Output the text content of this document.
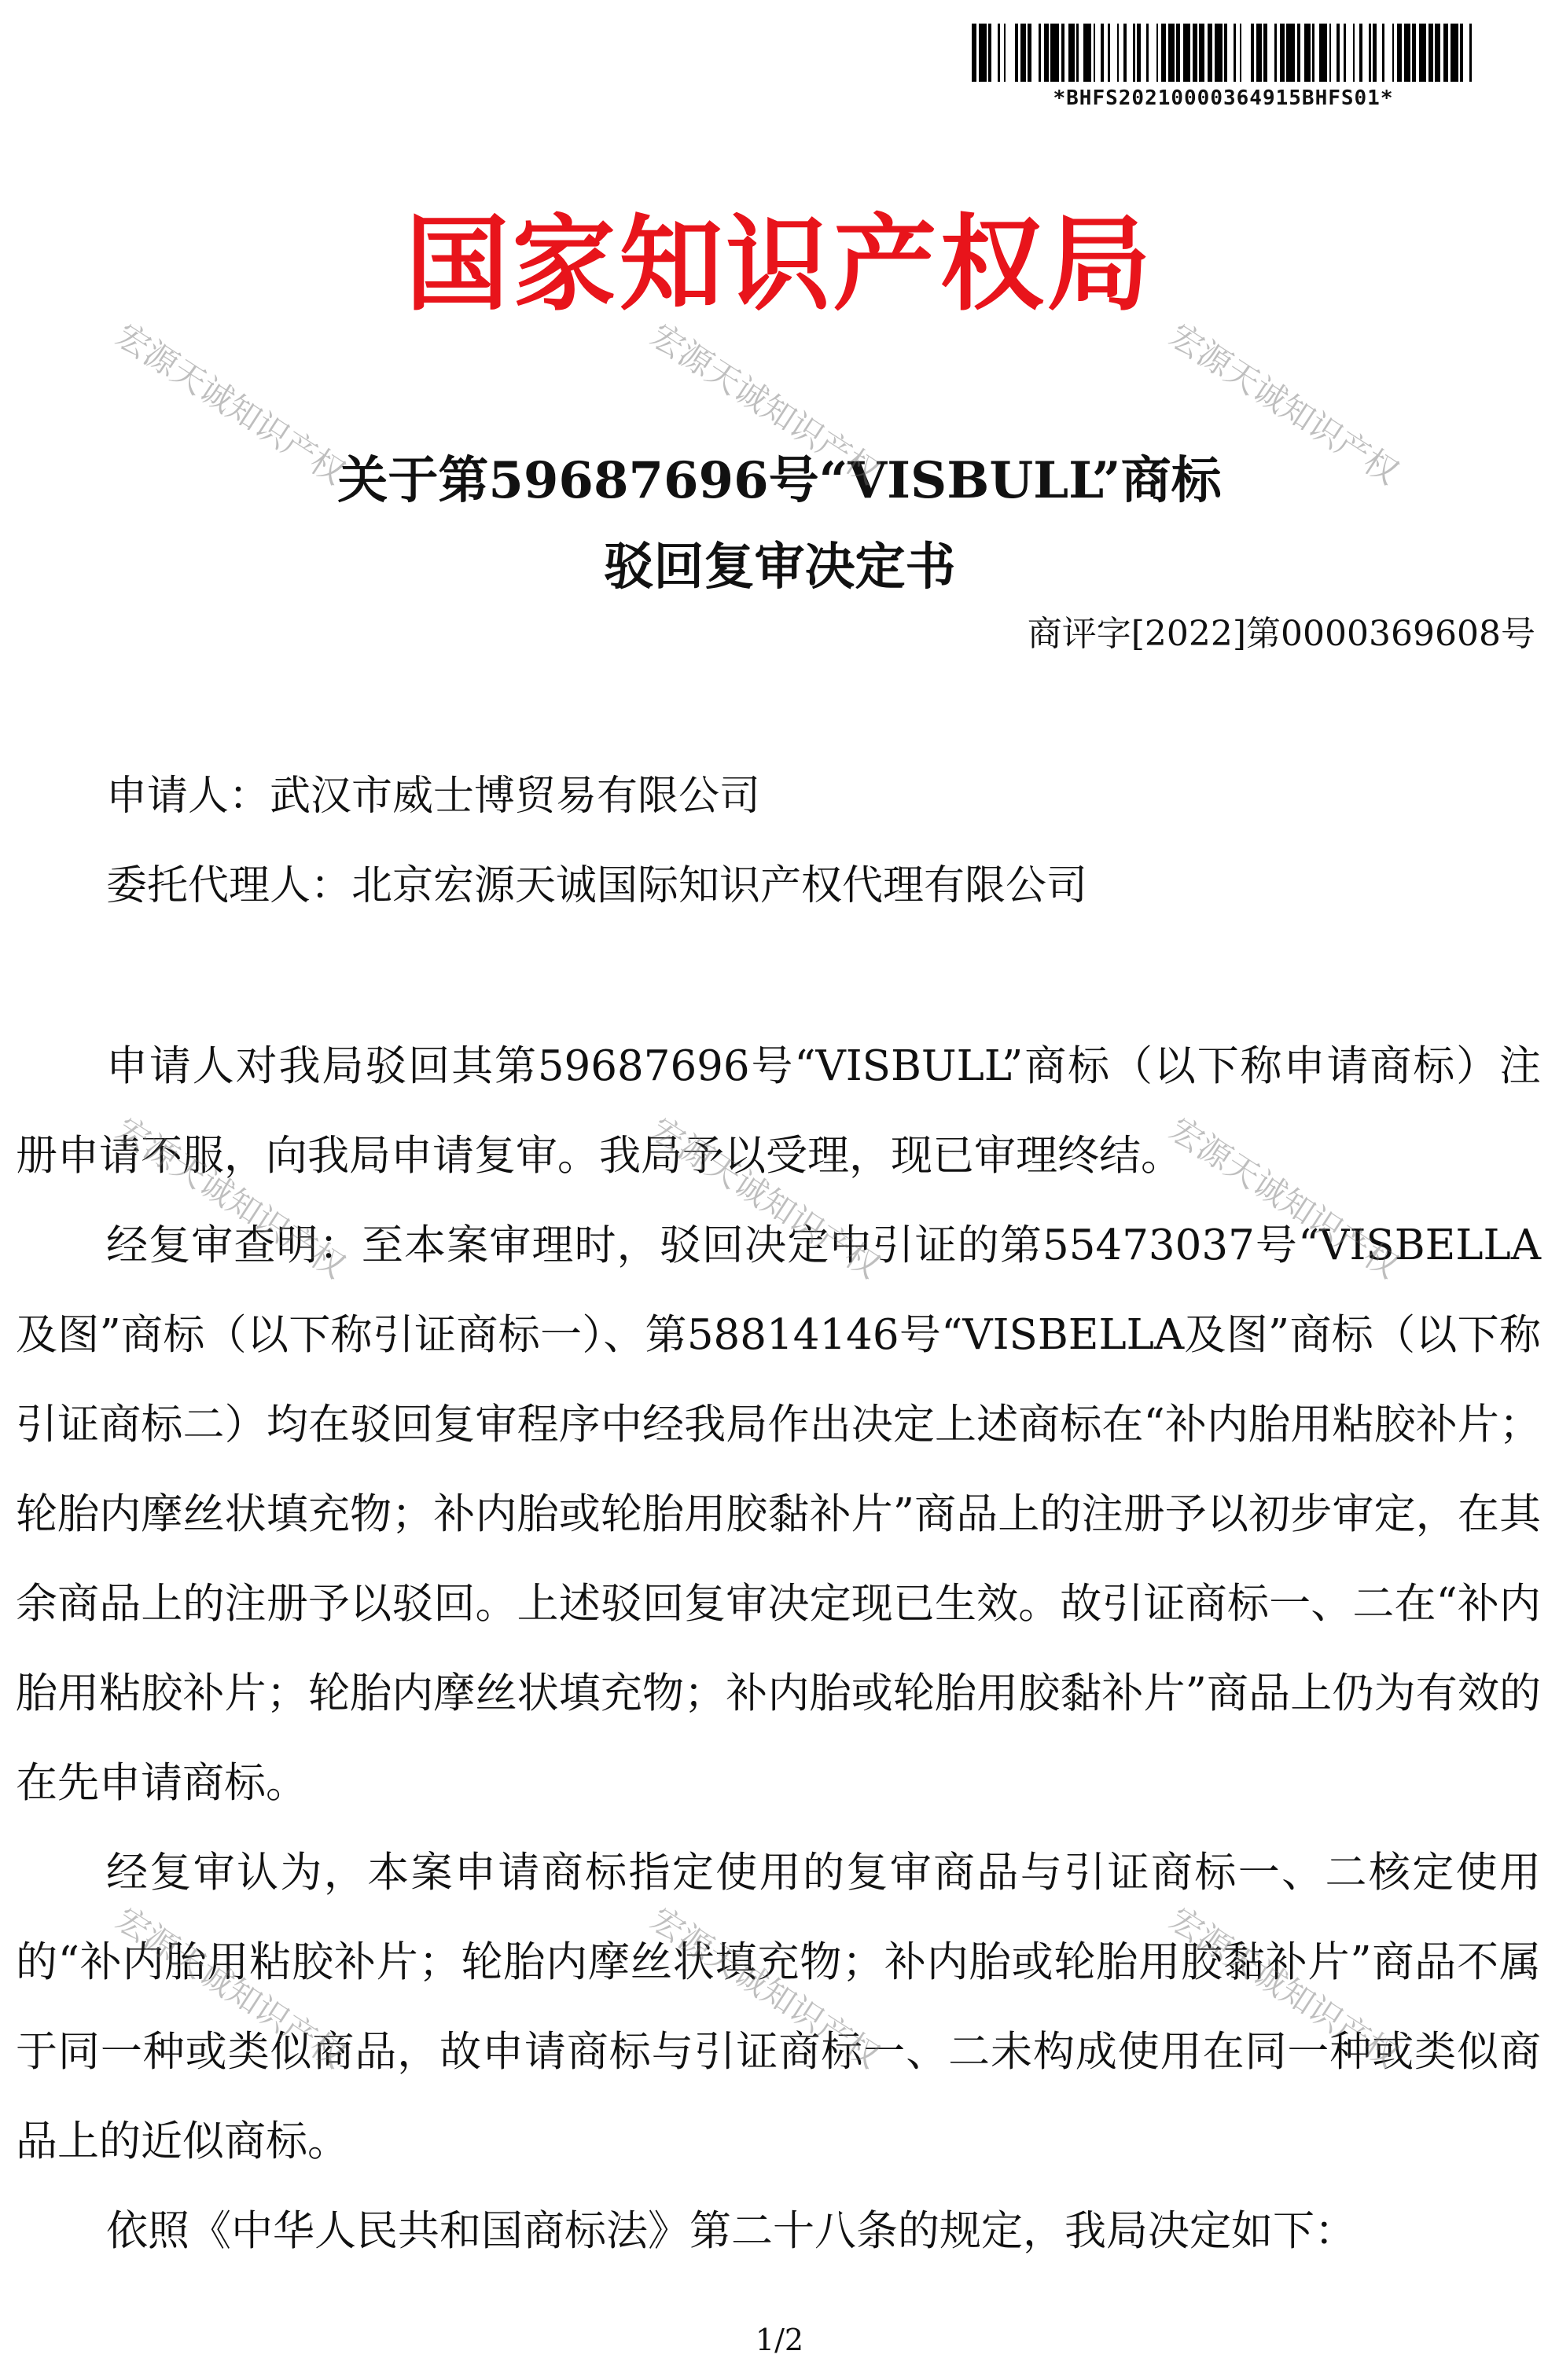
*BHFS20210000364915BHFS01*
国家知识产权局
关于第59687696号“VISBULL”商标
驳回复审决定书
商评字[2022]第0000369608号
申请人：武汉市威士博贸易有限公司
委托代理人：北京宏源天诚国际知识产权代理有限公司

申请人对我局驳回其第59687696号“VISBULL”商标（以下称申请商标）注册申请不服，向我局申请复审。我局予以受理，现已审理终结。

经复审查明：至本案审理时，驳回决定中引证的第55473037号“VISBELLA及图”商标（以下称引证商标一）、第58814146号“VISBELLA及图”商标（以下称引证商标二）均在驳回复审程序中经我局作出决定上述商标在“补内胎用粘胶补片；轮胎内摩丝状填充物；补内胎或轮胎用胶黏补片”商品上的注册予以初步审定，在其余商品上的注册予以驳回。上述驳回复审决定现已生效。故引证商标一、二在“补内胎用粘胶补片；轮胎内摩丝状填充物；补内胎或轮胎用胶黏补片”商品上仍为有效的在先申请商标。

经复审认为，本案申请商标指定使用的复审商品与引证商标一、二核定使用的“补内胎用粘胶补片；轮胎内摩丝状填充物；补内胎或轮胎用胶黏补片”商品不属于同一种或类似商品，故申请商标与引证商标一、二未构成使用在同一种或类似商品上的近似商标。

依照《中华人民共和国商标法》第二十八条的规定，我局决定如下：

1/2
宏源天诚知识产权	宏源天诚知识产权	宏源天诚知识产权
宏源天诚知识产权	宏源天诚知识产权	宏源天诚知识产权
宏源天诚知识产权	宏源天诚知识产权	宏源天诚知识产权
